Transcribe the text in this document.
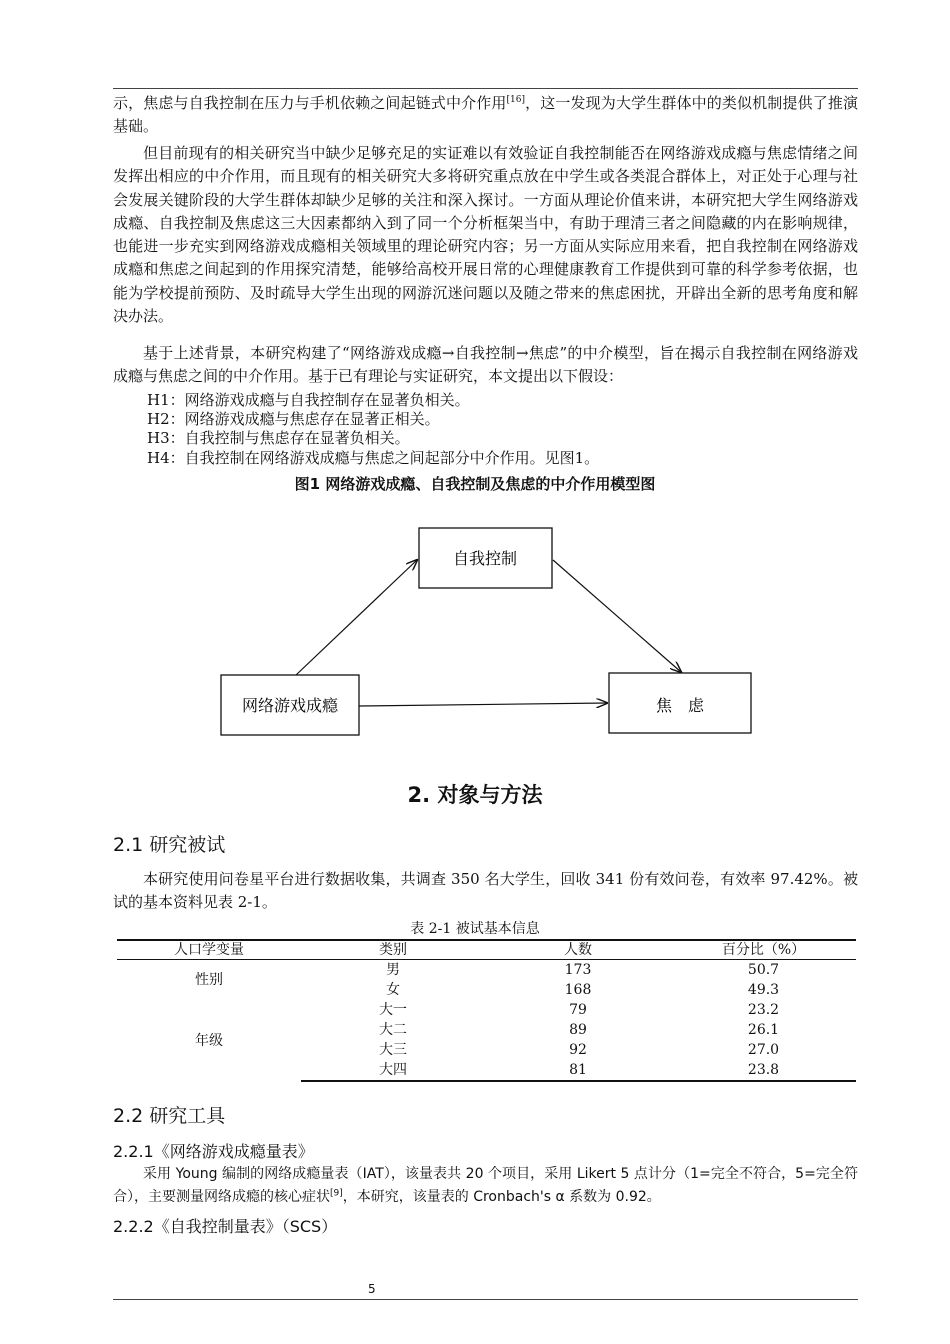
示，焦虑与自我控制在压力与手机依赖之间起链式中介作用[16]，这一发现为大学生群体中的类似机制提供了推演基础。

但目前现有的相关研究当中缺少足够充足的实证难以有效验证自我控制能否在网络游戏成瘾与焦虑情绪之间发挥出相应的中介作用，而且现有的相关研究大多将研究重点放在中学生或各类混合群体上，对正处于心理与社会发展关键阶段的大学生群体却缺少足够的关注和深入探讨。一方面从理论价值来讲，本研究把大学生网络游戏成瘾、自我控制及焦虑这三大因素都纳入到了同一个分析框架当中，有助于理清三者之间隐藏的内在影响规律，也能进一步充实到网络游戏成瘾相关领域里的理论研究内容；另一方面从实际应用来看，把自我控制在网络游戏成瘾和焦虑之间起到的作用探究清楚，能够给高校开展日常的心理健康教育工作提供到可靠的科学参考依据，也能为学校提前预防、及时疏导大学生出现的网游沉迷问题以及随之带来的焦虑困扰，开辟出全新的思考角度和解决办法。

基于上述背景，本研究构建了“网络游戏成瘾→自我控制→焦虑”的中介模型，旨在揭示自我控制在网络游戏成瘾与焦虑之间的中介作用。基于已有理论与实证研究，本文提出以下假设：

H1：网络游戏成瘾与自我控制存在显著负相关。
H2：网络游戏成瘾与焦虑存在显著正相关。
H3：自我控制与焦虑存在显著负相关。
H4：自我控制在网络游戏成瘾与焦虑之间起部分中介作用。见图1。
图1 网络游戏成瘾、自我控制及焦虑的中介作用模型图
自我控制
网络游戏成瘾	焦　虑
2. 对象与方法
2.1 研究被试

本研究使用问卷星平台进行数据收集，共调查 350 名大学生，回收 341 份有效问卷，有效率 97.42%。被试的基本资料见表 2-1。

表 2-1 被试基本信息
人口学变量	类别	人数	百分比（%）
性别	男	173	50.7
	女	168	49.3
年级	大一	79	23.2
	大二	89	26.1
	大三	92	27.0
	大四	81	23.8
2.2 研究工具
2.2.1《网络游戏成瘾量表》

采用 Young 编制的网络成瘾量表（IAT），该量表共 20 个项目，采用 Likert 5 点计分（1=完全不符合，5=完全符合），主要测量网络成瘾的核心症状[9]，本研究，该量表的 Cronbach's α 系数为 0.92。

2.2.2《自我控制量表》（SCS）
5
